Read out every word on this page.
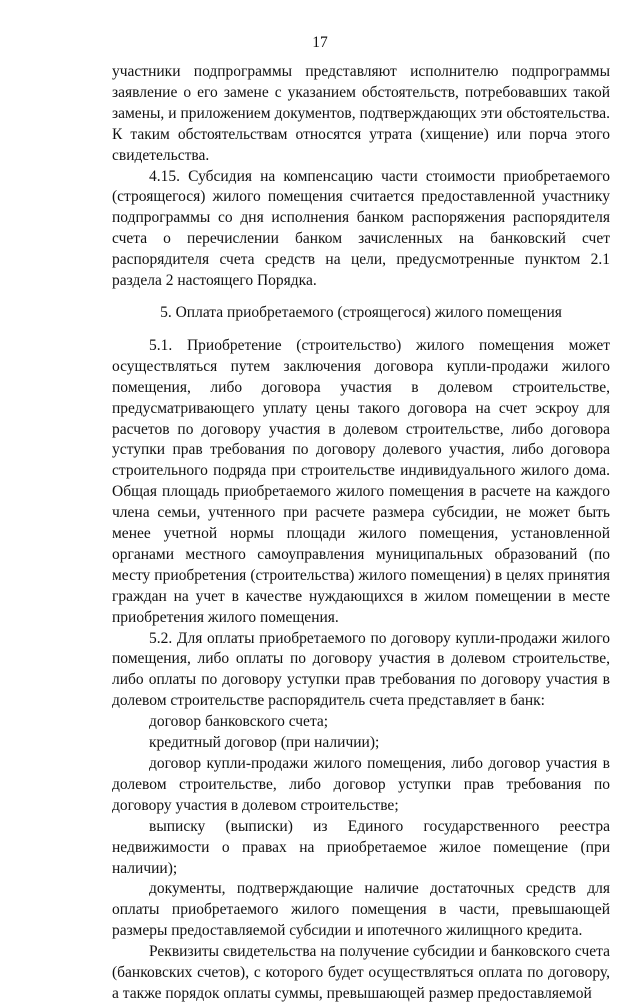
17

участники подпрограммы представляют исполнителю подпрограммы заявление о его замене с указанием обстоятельств, потребовавших такой замены, и приложением документов, подтверждающих эти обстоятельства. К таким обстоятельствам относятся утрата (хищение) или порча этого свидетельства.

4.15. Субсидия на компенсацию части стоимости приобретаемого (строящегося) жилого помещения считается предоставленной участнику подпрограммы со дня исполнения банком распоряжения распорядителя счета о перечислении банком зачисленных на банковский счет распорядителя счета средств на цели, предусмотренные пунктом 2.1 раздела 2 настоящего Порядка.

5. Оплата приобретаемого (строящегося) жилого помещения

5.1. Приобретение (строительство) жилого помещения может осуществляться путем заключения договора купли-продажи жилого помещения, либо договора участия в долевом строительстве, предусматривающего уплату цены такого договора на счет эскроу для расчетов по договору участия в долевом строительстве, либо договора уступки прав требования по договору долевого участия, либо договора строительного подряда при строительстве индивидуального жилого дома. Общая площадь приобретаемого жилого помещения в расчете на каждого члена семьи, учтенного при расчете размера субсидии, не может быть менее учетной нормы площади жилого помещения, установленной органами местного самоуправления муниципальных образований (по месту приобретения (строительства) жилого помещения) в целях принятия граждан на учет в качестве нуждающихся в жилом помещении в месте приобретения жилого помещения.

5.2. Для оплаты приобретаемого по договору купли-продажи жилого помещения, либо оплаты по договору участия в долевом строительстве, либо оплаты по договору уступки прав требования по договору участия в долевом строительстве распорядитель счета представляет в банк:

договор банковского счета;

кредитный договор (при наличии);

договор купли-продажи жилого помещения, либо договор участия в долевом строительстве, либо договор уступки прав требования по договору участия в долевом строительстве;

выписку (выписки) из Единого государственного реестра недвижимости о правах на приобретаемое жилое помещение (при наличии);

документы, подтверждающие наличие достаточных средств для оплаты приобретаемого жилого помещения в части, превышающей размеры предоставляемой субсидии и ипотечного жилищного кредита.

Реквизиты свидетельства на получение субсидии и банковского счета (банковских счетов), с которого будет осуществляться оплата по договору, а также порядок оплаты суммы, превышающей размер предоставляемой
